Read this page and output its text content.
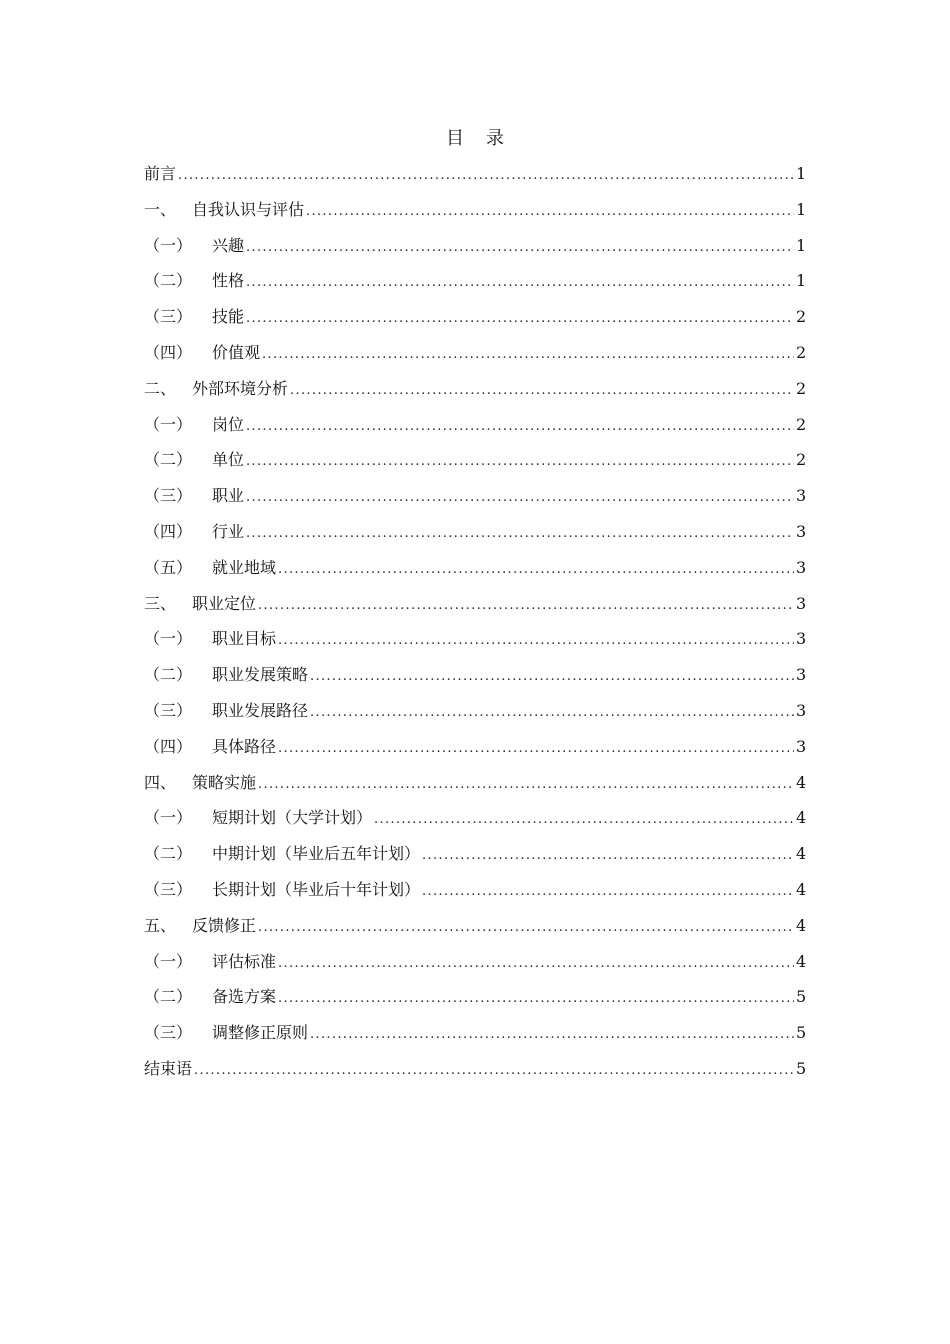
目 录
前言 . . .	1
一、 自我认识与评估 . . .	1
（一）	兴趣 . . .	1
（二）	性格 . . .	1
（三）	技能 . . .	2
（四）	价值观 . . .	2
二、 外部环境分析 . . .	2
（一）	岗位 . . .	2
（二）	单位 . . .	2
（三）	职业 . . .	3
（四）	行业 . . .	3
（五）	就业地域 . . .	3
三、 职业定位 . . .	3
（一）	职业目标 . . .	3
（二）	职业发展策略 . . .	3
（三）	职业发展路径 . . .	3
（四）	具体路径 . . .	3
四、 策略实施 . . .	4
（一）	短期计划（大学计划） . . .	4
（二）	中期计划（毕业后五年计划） . . .	4
（三）	长期计划（毕业后十年计划） . . .	4
五、 反馈修正 . . .	4
（一）	评估标准 . . .	4
（二）	备选方案 . . .	5
（三）	调整修正原则 . . .	5
结束语 . . .	5
